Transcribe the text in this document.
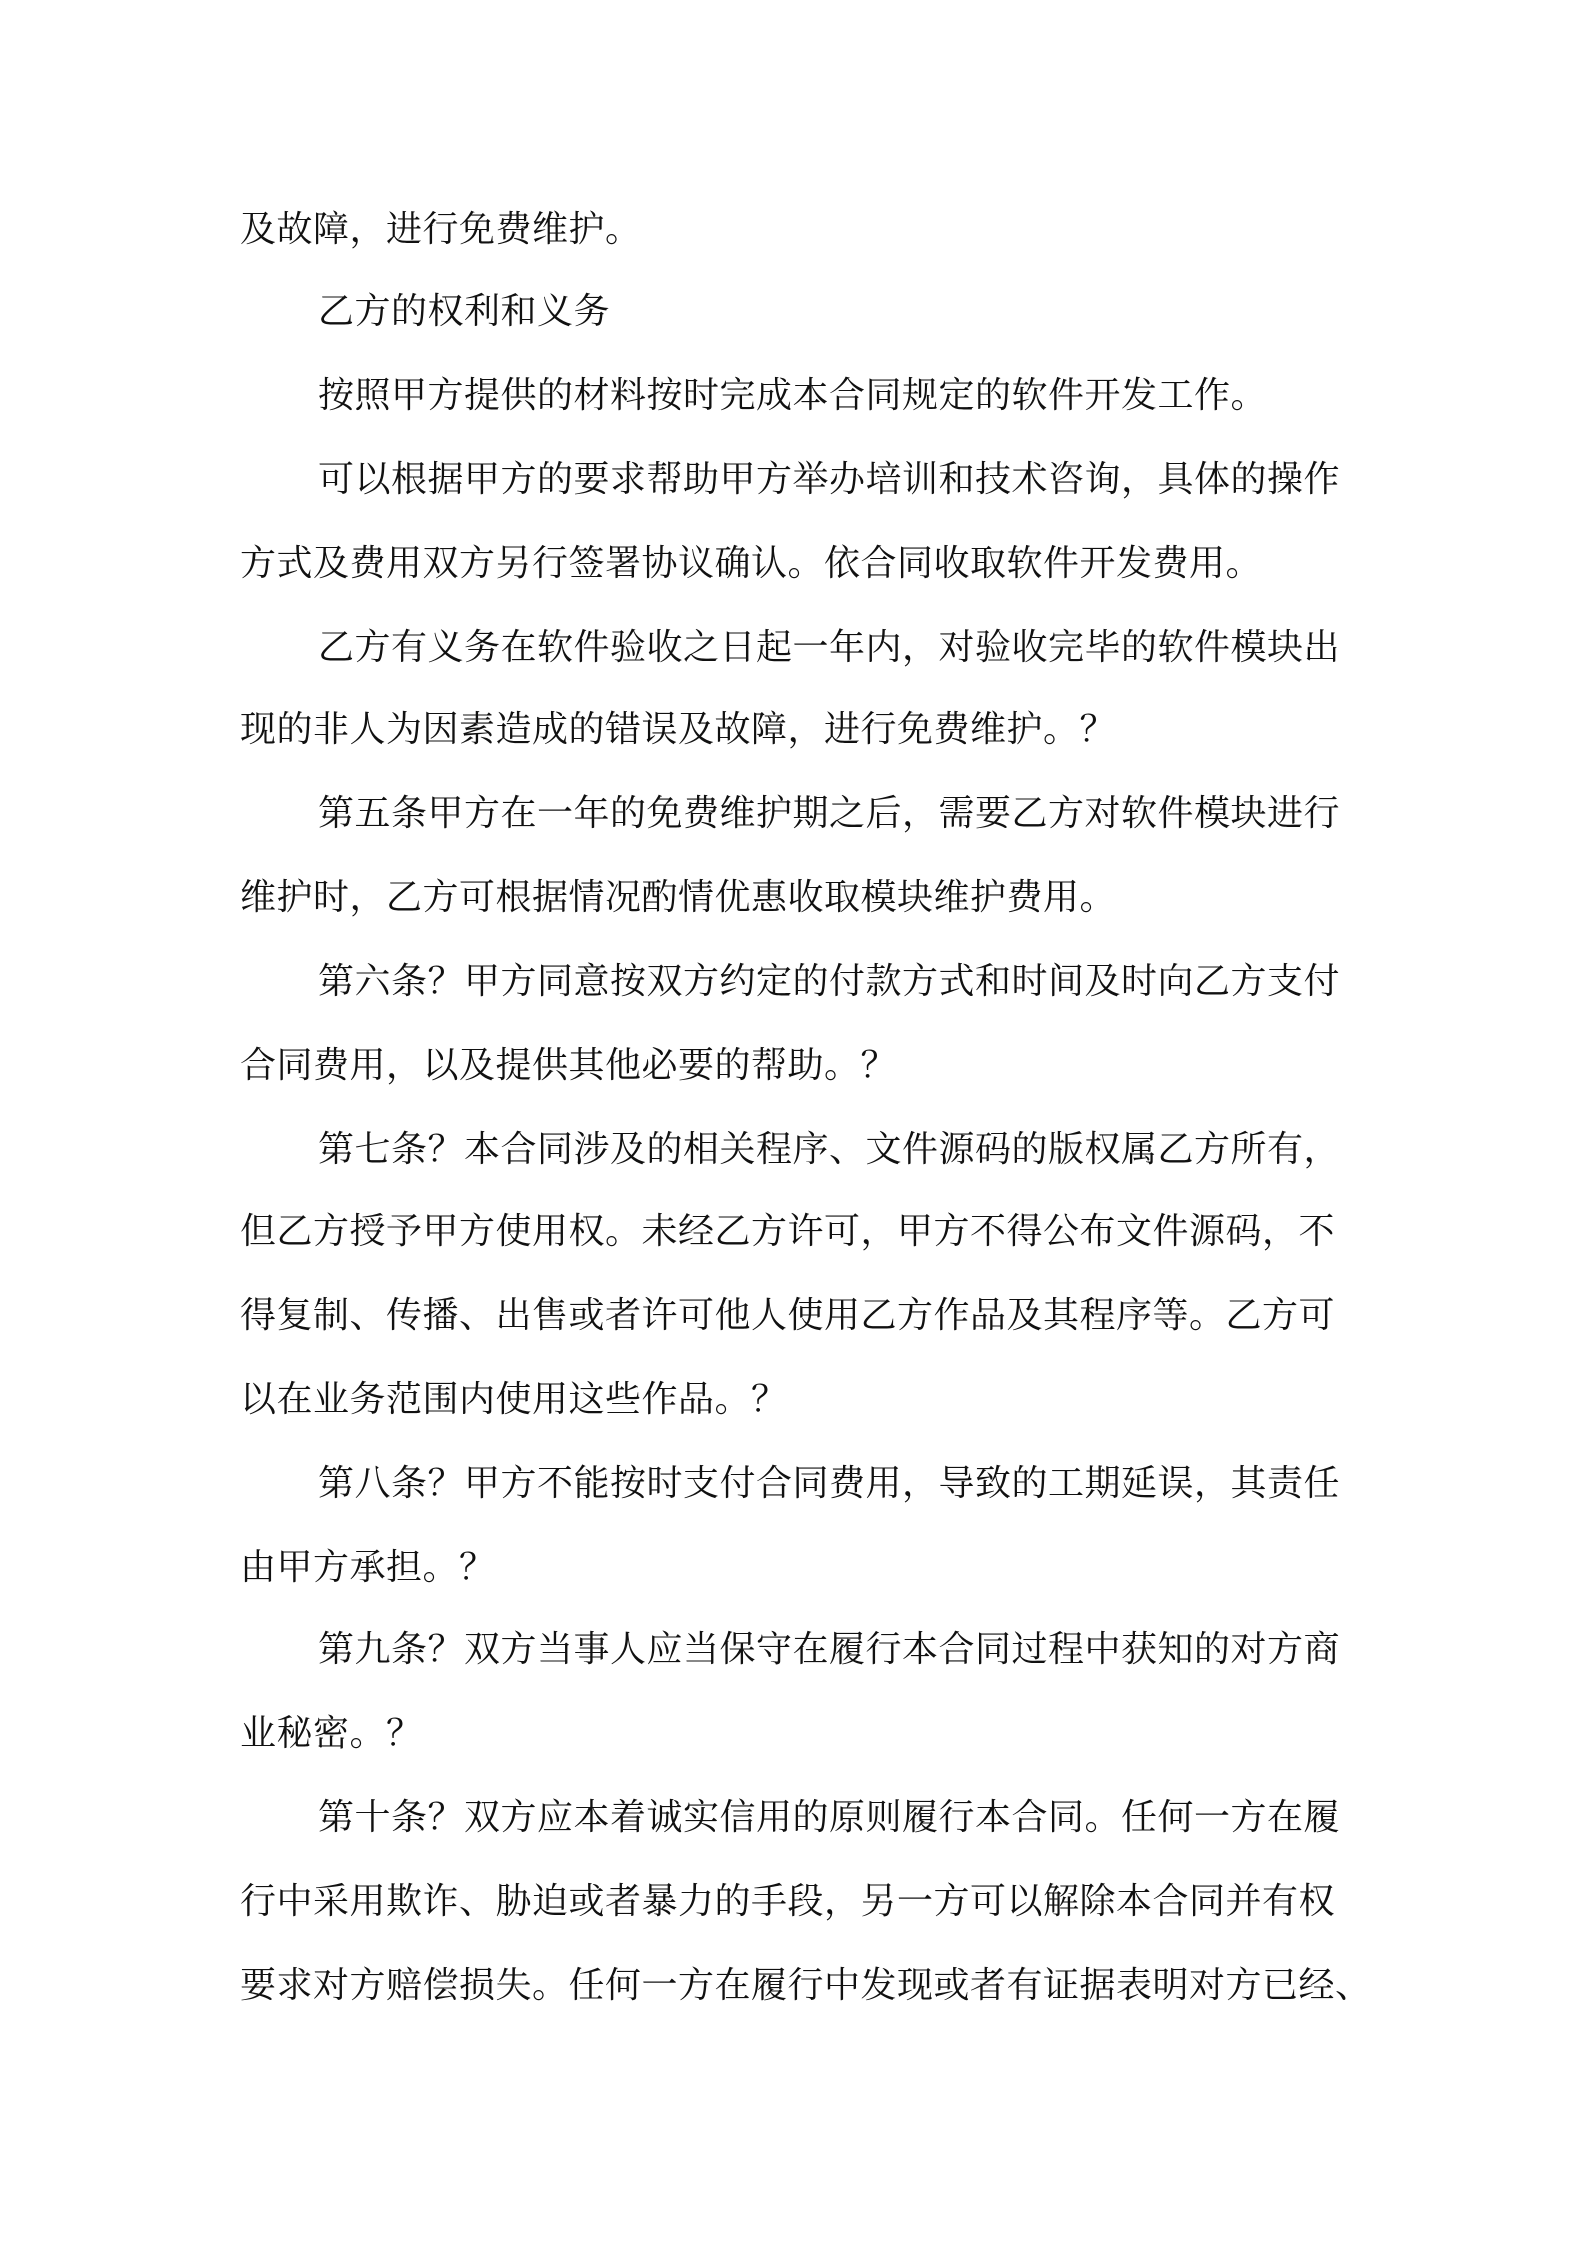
及故障，进行免费维护。
乙方的权利和义务
按照甲方提供的材料按时完成本合同规定的软件开发工作。
可以根据甲方的要求帮助甲方举办培训和技术咨询，具体的操作
方式及费用双方另行签署协议确认。依合同收取软件开发费用。
乙方有义务在软件验收之日起一年内，对验收完毕的软件模块出
现的非人为因素造成的错误及故障，进行免费维护。？
第五条甲方在一年的免费维护期之后，需要乙方对软件模块进行
维护时，乙方可根据情况酌情优惠收取模块维护费用。
第六条？甲方同意按双方约定的付款方式和时间及时向乙方支付
合同费用，以及提供其他必要的帮助。？
第七条？本合同涉及的相关程序、文件源码的版权属乙方所有，
但乙方授予甲方使用权。未经乙方许可，甲方不得公布文件源码，不
得复制、传播、出售或者许可他人使用乙方作品及其程序等。乙方可
以在业务范围内使用这些作品。？
第八条？甲方不能按时支付合同费用，导致的工期延误，其责任
由甲方承担。？
第九条？双方当事人应当保守在履行本合同过程中获知的对方商
业秘密。？
第十条？双方应本着诚实信用的原则履行本合同。任何一方在履
行中采用欺诈、胁迫或者暴力的手段，另一方可以解除本合同并有权
要求对方赔偿损失。任何一方在履行中发现或者有证据表明对方已经、
